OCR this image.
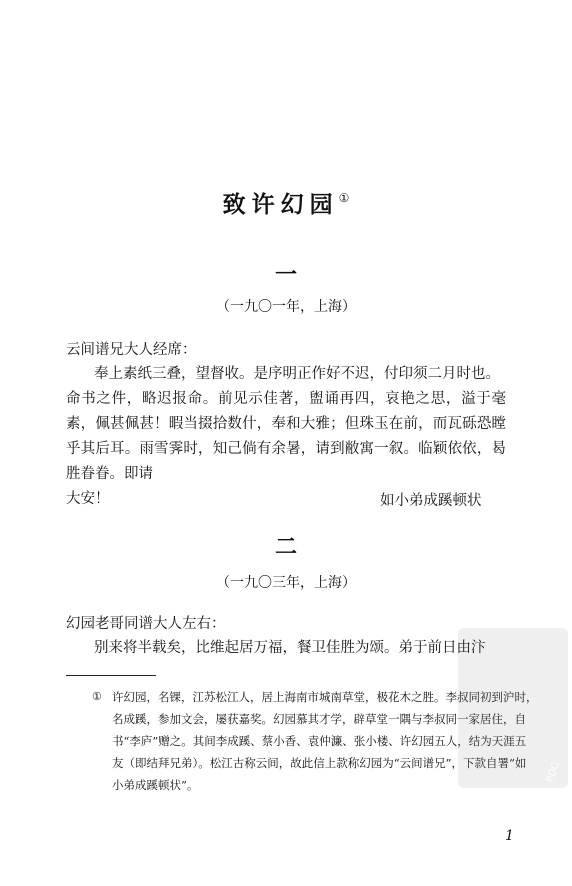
致许幻园①
一
（一九〇一年，上海）
云间谱兄大人经席：
奉上素纸三叠，望督收。是序明正作好不迟，付印须二月时也。
命书之件，略迟报命。前见示佳著，盥诵再四，哀艳之思，溢于毫
素，佩甚佩甚！暇当掇拾数什，奉和大雅；但珠玉在前，而瓦砾恐瞠
乎其后耳。雨雪霁时，知己倘有余暑，请到敝寓一叙。临颖依依，曷
胜眷眷。即请
大安！	如小弟成蹊顿状
二
（一九〇三年，上海）
幻园老哥同谱大人左右：
别来将半载矣，比维起居万福，餐卫佳胜为颂。弟于前日由汴
① 许幻园，名锞，江苏松江人，居上海南市城南草堂，极花木之胜。李叔同初到沪时，
名成蹊，参加文会，屡获嘉奖。幻园慕其才学，辟草堂一隅与李叔同一家居住，自
书“李庐”赠之。其间李成蹊、蔡小香、袁仲濂、张小楼、许幻园五人，结为天涯五
友（即结拜兄弟）。松江古称云间，故此信上款称幻园为“云间谱兄”，下款自署“如
小弟成蹊顿状”。
1
PDG
